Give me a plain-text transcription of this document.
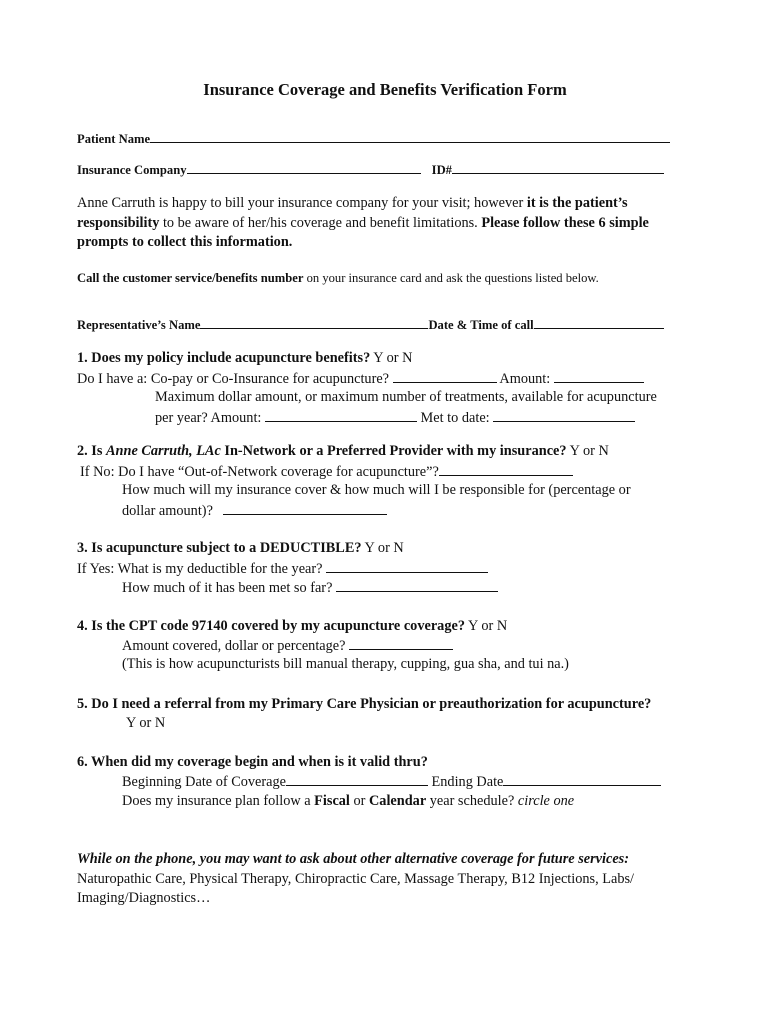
Insurance Coverage and Benefits Verification Form
Patient Name
Insurance Company	ID#
Anne Carruth is happy to bill your insurance company for your visit; however it is the patient’s
responsibility to be aware of her/his coverage and benefit limitations. Please follow these 6 simple
prompts to collect this information.
Call the customer service/benefits number on your insurance card and ask the questions listed below.
Representative’s Name	Date & Time of call
1. Does my policy include acupuncture benefits? Y or N
Do I have a: Co-pay or Co-Insurance for acupuncture?	Amount:
Maximum dollar amount, or maximum number of treatments, available for acupuncture
per year? Amount:	Met to date:
2. Is Anne Carruth, LAc In-Network or a Preferred Provider with my insurance? Y or N
If No: Do I have “Out-of-Network coverage for acupuncture”?
How much will my insurance cover & how much will I be responsible for (percentage or
dollar amount)?
3. Is acupuncture subject to a DEDUCTIBLE? Y or N
If Yes: What is my deductible for the year?
How much of it has been met so far?
4. Is the CPT code 97140 covered by my acupuncture coverage? Y or N
Amount covered, dollar or percentage?
(This is how acupuncturists bill manual therapy, cupping, gua sha, and tui na.)
5. Do I need a referral from my Primary Care Physician or preauthorization for acupuncture?
Y or N
6. When did my coverage begin and when is it valid thru?
Beginning Date of Coverage	Ending Date
Does my insurance plan follow a Fiscal or Calendar year schedule? circle one
While on the phone, you may want to ask about other alternative coverage for future services:
Naturopathic Care, Physical Therapy, Chiropractic Care, Massage Therapy, B12 Injections, Labs/
Imaging/Diagnostics…
